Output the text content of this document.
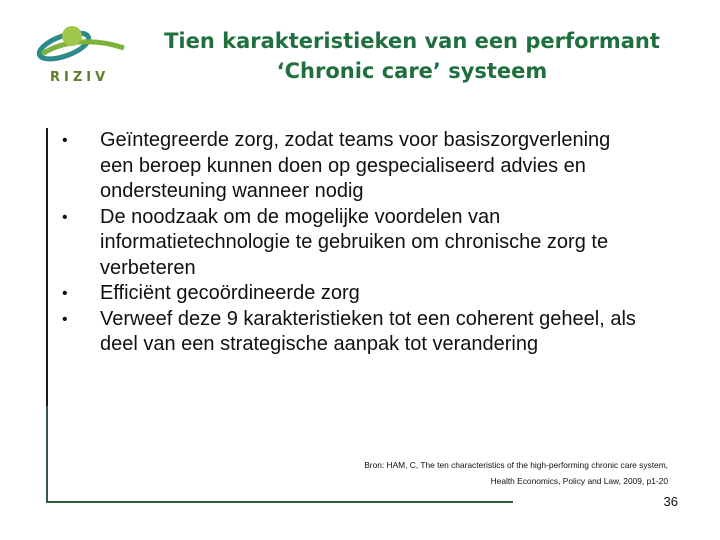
RIZIV
Tien karakteristieken van een performant
‘Chronic care’ systeem
•	Geïntegreerde zorg, zodat teams voor basiszorgverlening een beroep kunnen doen op gespecialiseerd advies en ondersteuning wanneer nodig
•	De noodzaak om de mogelijke voordelen van informatietechnologie te gebruiken om chronische zorg te verbeteren
•	Efficiënt gecoördineerde zorg
•	Verweef deze 9 karakteristieken tot een coherent geheel, als deel van een strategische aanpak tot verandering
Bron: HAM, C, The ten characteristics of the high-performing chronic care system,
Health Economics, Policy and Law, 2009, p1-20
36
